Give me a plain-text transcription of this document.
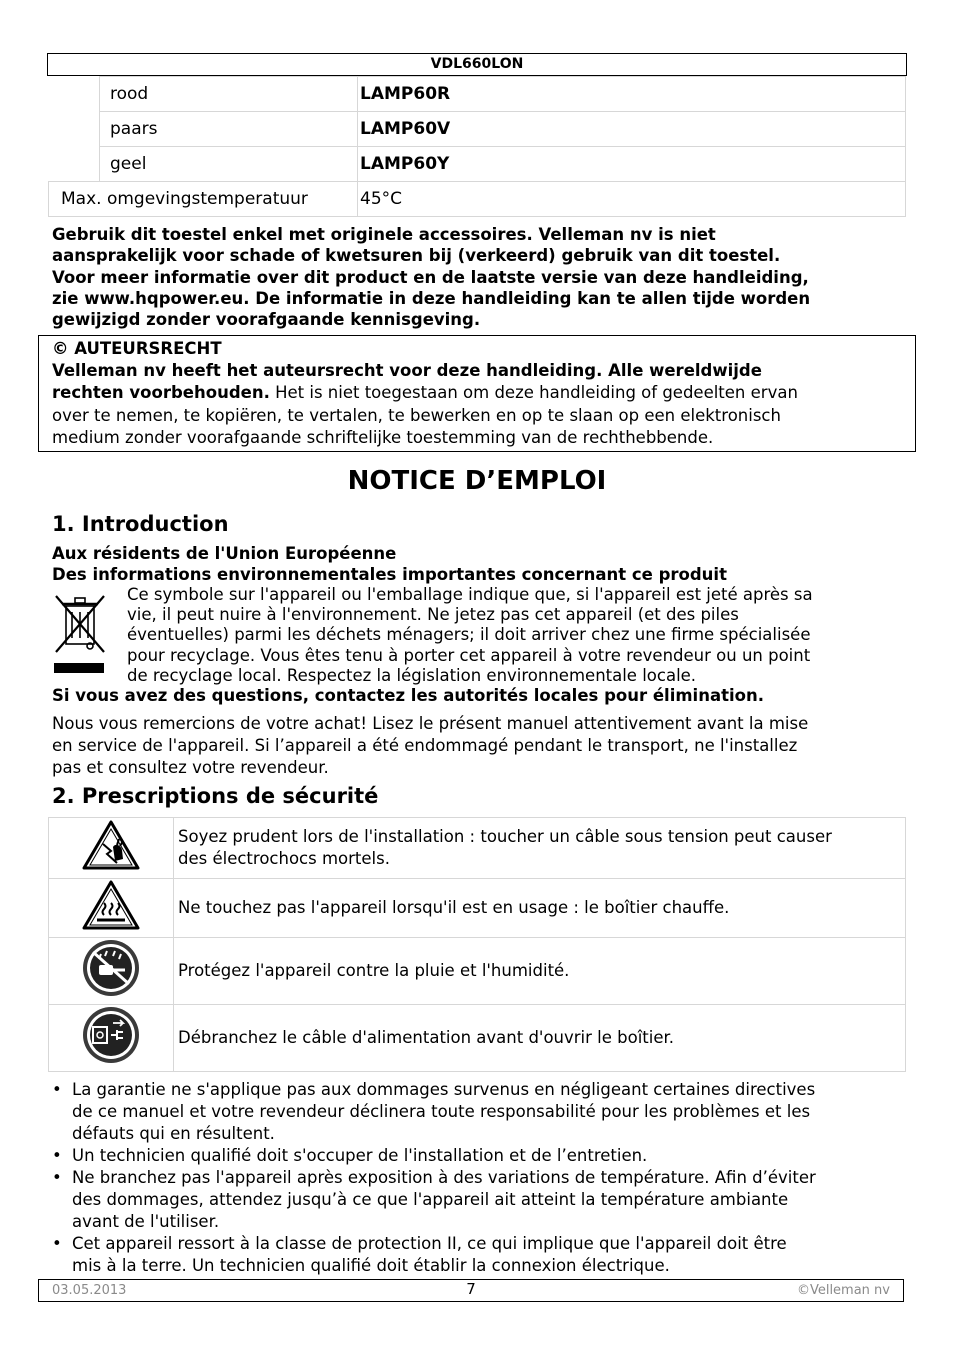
VDL660LON
	rood	LAMP60R
	paars	LAMP60V
	geel	LAMP60Y
Max. omgevingstemperatuur		45°C
Gebruik dit toestel enkel met originele accessoires. Velleman nv is niet
aansprakelijk voor schade of kwetsuren bij (verkeerd) gebruik van dit toestel.
Voor meer informatie over dit product en de laatste versie van deze handleiding,
zie www.hqpower.eu. De informatie in deze handleiding kan te allen tijde worden
gewijzigd zonder voorafgaande kennisgeving.
© AUTEURSRECHT
Velleman nv heeft het auteursrecht voor deze handleiding. Alle wereldwijde
rechten voorbehouden. Het is niet toegestaan om deze handleiding of gedeelten ervan
over te nemen, te kopiëren, te vertalen, te bewerken en op te slaan op een elektronisch
medium zonder voorafgaande schriftelijke toestemming van de rechthebbende.
NOTICE D’EMPLOI
1. Introduction
Aux résidents de l'Union Européenne
Des informations environnementales importantes concernant ce produit
Ce symbole sur l'appareil ou l'emballage indique que, si l'appareil est jeté après sa
vie, il peut nuire à l'environnement. Ne jetez pas cet appareil (et des piles
éventuelles) parmi les déchets ménagers; il doit arriver chez une firme spécialisée
pour recyclage. Vous êtes tenu à porter cet appareil à votre revendeur ou un point
de recyclage local. Respectez la législation environnementale locale.
Si vous avez des questions, contactez les autorités locales pour élimination.
Nous vous remercions de votre achat! Lisez le présent manuel attentivement avant la mise
en service de l'appareil. Si l’appareil a été endommagé pendant le transport, ne l'installez
pas et consultez votre revendeur.
2. Prescriptions de sécurité

Soyez prudent lors de l'installation : toucher un câble sous tension peut causer
des électrochocs mortels.

	Ne touchez pas l'appareil lorsqu'il est en usage : le boîtier chauffe.
	Protégez l'appareil contre la pluie et l'humidité.
	Débranchez le câble d'alimentation avant d'ouvrir le boîtier.
• La garantie ne s'applique pas aux dommages survenus en négligeant certaines directives
de ce manuel et votre revendeur déclinera toute responsabilité pour les problèmes et les
défauts qui en résultent.
• Un technicien qualifié doit s'occuper de l'installation et de l’entretien.
• Ne branchez pas l'appareil après exposition à des variations de température. Afin d’éviter
des dommages, attendez jusqu’à ce que l'appareil ait atteint la température ambiante
avant de l'utiliser.
• Cet appareil ressort à la classe de protection II, ce qui implique que l'appareil doit être
mis à la terre. Un technicien qualifié doit établir la connexion électrique.
03.05.2013	7	©Velleman nv
